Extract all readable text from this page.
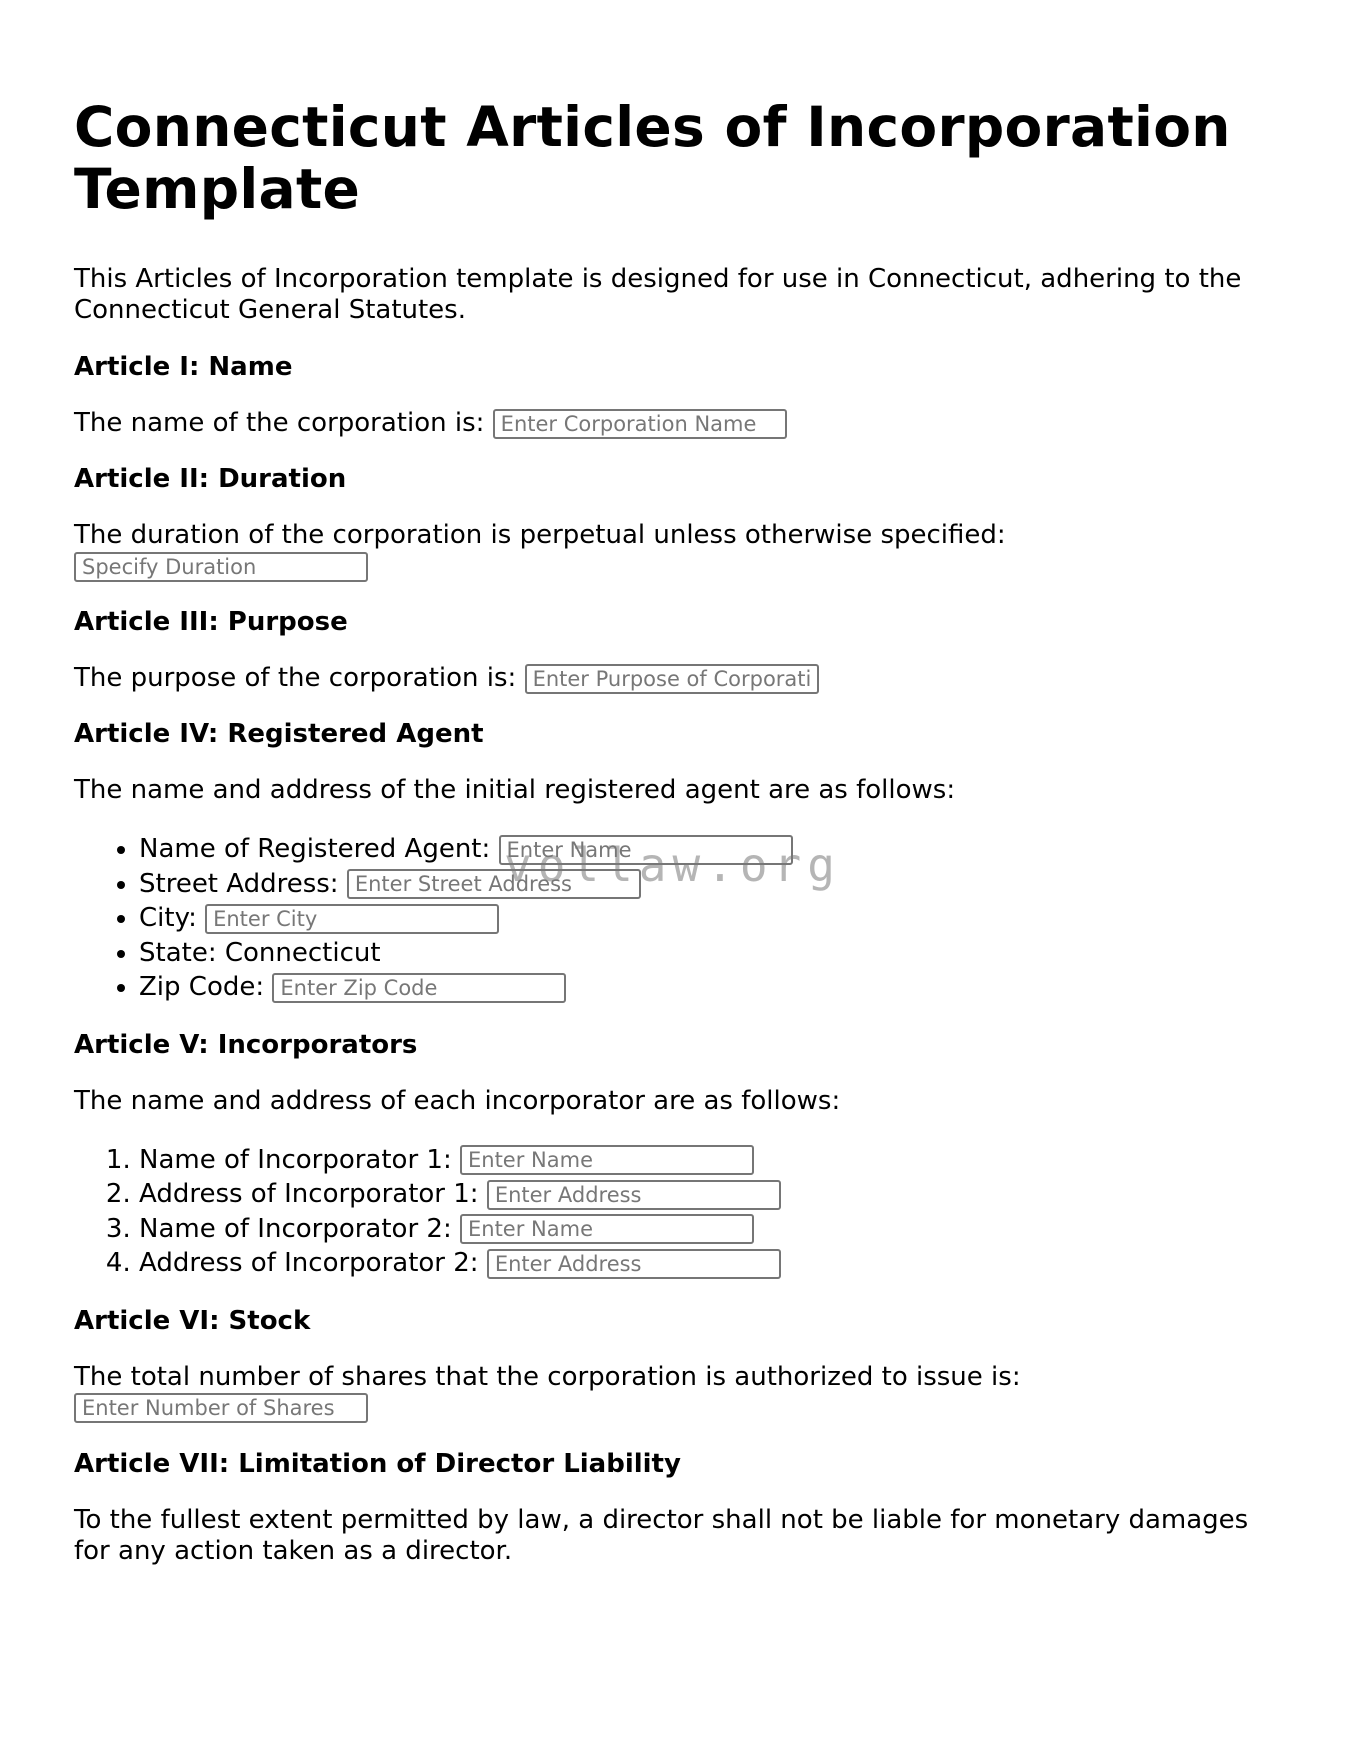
Connecticut Articles of Incorporation Template

This Articles of Incorporation template is designed for use in Connecticut, adhering to the Connecticut General Statutes.

Article I: Name

The name of the corporation is: Enter Corporation Name

Article II: Duration

The duration of the corporation is perpetual unless otherwise specified: Specify Duration

Article III: Purpose

The purpose of the corporation is: Enter Purpose of Corporation

Article IV: Registered Agent

The name and address of the initial registered agent are as follows:

• Name of Registered Agent: Enter Name
• Street Address: Enter Street Address
• City: Enter City
• State: Connecticut
• Zip Code: Enter Zip Code
Article V: Incorporators

The name and address of each incorporator are as follows:

1. Name of Incorporator 1: Enter Name
2. Address of Incorporator 1: Enter Address
3. Name of Incorporator 2: Enter Name
4. Address of Incorporator 2: Enter Address
Article VI: Stock

The total number of shares that the corporation is authorized to issue is: Enter Number of Shares

Article VII: Limitation of Director Liability

To the fullest extent permitted by law, a director shall not be liable for monetary damages for any action taken as a director.

vollaw.org
